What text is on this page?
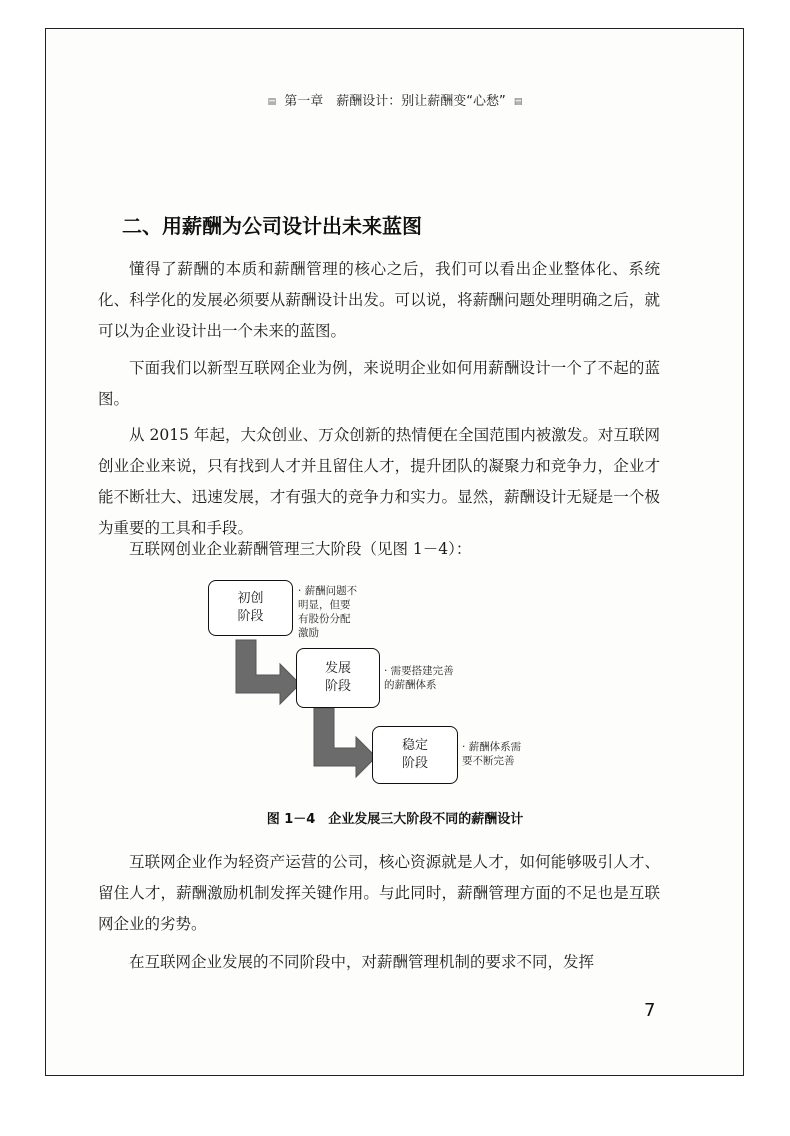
▤ 第一章　薪酬设计：别让薪酬变“心愁” ▤
二、用薪酬为公司设计出未来蓝图

懂得了薪酬的本质和薪酬管理的核心之后，我们可以看出企业整体化、系统化、科学化的发展必须要从薪酬设计出发。可以说，将薪酬问题处理明确之后，就可以为企业设计出一个未来的蓝图。

下面我们以新型互联网企业为例，来说明企业如何用薪酬设计一个了不起的蓝图。

从 2015 年起，大众创业、万众创新的热情便在全国范围内被激发。对互联网创业企业来说，只有找到人才并且留住人才，提升团队的凝聚力和竞争力，企业才能不断壮大、迅速发展，才有强大的竞争力和实力。显然，薪酬设计无疑是一个极为重要的工具和手段。

互联网创业企业薪酬管理三大阶段（见图 1－4）：

初创
阶段
· 薪酬问题不
明显，但要
有股份分配
激励
发展
阶段
· 需要搭建完善
的薪酬体系
稳定
阶段
· 薪酬体系需
要不断完善
图 1－4　企业发展三大阶段不同的薪酬设计

互联网企业作为轻资产运营的公司，核心资源就是人才，如何能够吸引人才、留住人才，薪酬激励机制发挥关键作用。与此同时，薪酬管理方面的不足也是互联网企业的劣势。

在互联网企业发展的不同阶段中，对薪酬管理机制的要求不同，发挥

7
